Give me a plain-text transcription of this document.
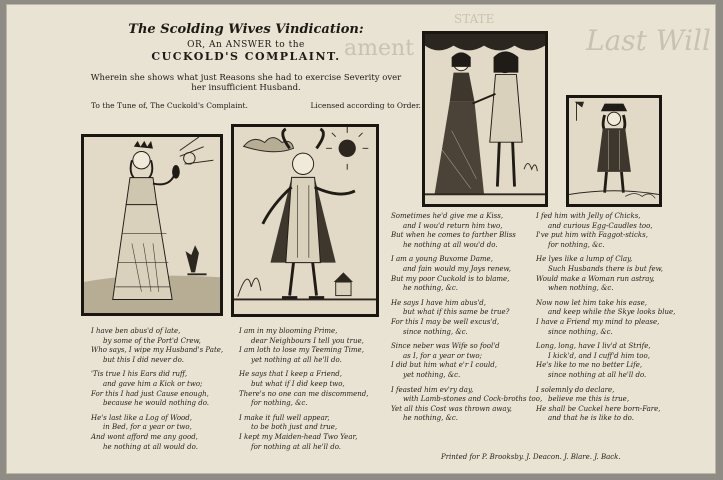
STATE
Last Will
ament
The Scolding Wives Vindication:
OR, An ANSWER to the
CUCKOLD'S COMPLAINT.
Wherein she shows what just Reasons she had to exercise Severity over
her insufficient Husband.
To the Tune of, The Cuckold's Complaint.	Licensed according to Order.
I have ben abus'd of late,
by some of the Port'd Crew,
Who says, I wipe my Husband's Pate,
but this I did never do.
'Tis true I his Ears did ruff,
and gave him a Kick or two;
For this I had just Cause enough,
because he would nothing do.
He's last like a Log of Wood,
in Bed, for a year or two,
And wont afford me any good,
he nothing at all would do.
I am in my blooming Prime,
dear Neighbours I tell you true,
I am loth to lose my Teeming Time,
yet nothing at all he'll do.
He says that I keep a Friend,
but what if I did keep two,
There's no one can me discommend,
for nothing, &c.
I make it full well appear,
to be both just and true,
I kept my Maiden-head Two Year,
for nothing at all he'll do.
Sometimes he'd give me a Kiss,
and I wou'd return him two,
But when he comes to farther Bliss
he nothing at all wou'd do.
I am a young Buxome Dame,
and fain would my Joys renew,
But my poor Cuckold is to blame,
he nothing, &c.
He says I have him abus'd,
but what if this same be true?
For this I may be well excus'd,
since nothing, &c.
Since neber was Wife so fool'd
as I, for a year or two;
I did but him what e'r I could,
yet nothing, &c.
I feasted him ev'ry day,
with Lamb-stones and Cock-broths too,
Yet all this Cost was thrown away,
he nothing, &c.
I fed him with Jelly of Chicks,
and curious Egg-Caudles too,
I've put him with Faggot-sticks,
for nothing, &c.
He lyes like a lump of Clay,
Such Husbands there is but few,
Would make a Woman run astray,
when nothing, &c.
Now now let him take his ease,
and keep while the Skye looks blue,
I have a Friend my mind to please,
since nothing, &c.
Long, long, have I liv'd at Strife,
I kick'd, and I cuff'd him too,
He's like to me no better Life,
since nothing at all he'll do.
I solemnly do declare,
believe me this is true,
He shall be Cuckel here born-Fare,
and that he is like to do.
Printed for P. Brooksby. J. Deacon. J. Blare. J. Back.
